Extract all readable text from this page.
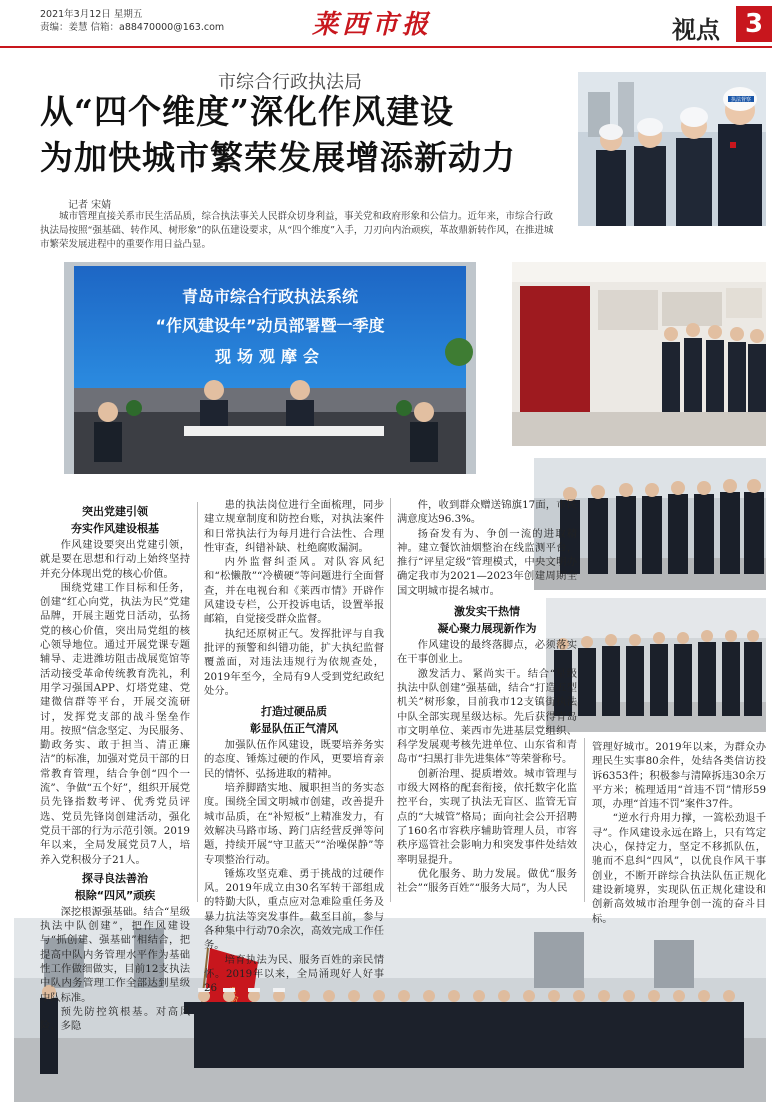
2021年3月12日 星期五
责编：姜慧 信箱：a88470000@163.com	莱西市报	视点 3
市综合行政执法局
从“四个维度”深化作风建设
为加快城市繁荣发展增添新动力
记者 宋婧
城市管理直接关系市民生活品质，综合执法事关人民群众切身利益，事关党和政府形象和公信力。近年来，市综合行政执法局按照“强基础、转作风、树形象”的队伍建设要求，从“四个维度”入手，刀刃向内治顽疾，革故鼎新转作风，在推进城市繁荣发展进程中的重要作用日益凸显。
执法督察
青岛市综合行政执法系统
“作风建设年”动员部署暨一季度
现场观摩会
突出党建引领
夯实作风建设根基

作风建设要突出党建引领，就是要在思想和行动上始终坚持并充分体现出党的核心价值。

围绕党建工作目标和任务，创建“红心向党，执法为民”党建品牌，开展主题党日活动，弘扬党的核心价值，突出局党组的核心领导地位。通过开展党课专题辅导、走进潍坊阻击战展览馆等活动接受革命传统教育洗礼，利用学习强国APP、灯塔党建、党建微信群等平台，开展交流研讨，发挥党支部的战斗堡垒作用。按照“信念坚定、为民服务、勤政务实、敢于担当、清正廉洁”的标准，加强对党员干部的日常教育管理，结合争创“四个一流”、争做“五个好”，组织开展党员先锋指数考评、优秀党员评选、党员先锋岗创建活动，强化党员干部的行为示范引领。2019年以来，全局发展党员7人，培养入党积极分子21人。

探寻良法善治
根除“四风”顽疾

深挖根源强基础。结合“星级执法中队创建”，把作风建设与“抓创建、强基础”相结合，把提高中队内务管理水平作为基础性工作做细做实，目前12支执法中队内务管理工作全部达到星级中队标准。

预先防控筑根基。对高风险、多隐

患的执法岗位进行全面梳理，同步建立规章制度和防控台账，对执法案件和日常执法行为每月进行合法性、合理性审查，纠错补缺、杜绝腐败漏洞。

内外监督纠歪风。对队容风纪和“松懒散”“冷横硬”等问题进行全面督查，并在电视台和《莱西市情》开辟作风建设专栏，公开投诉电话，设置举报邮箱，自觉接受群众监督。

执纪还原树正气。发挥批评与自我批评的预警和纠错功能，扩大执纪监督覆盖面，对违法违规行为依规查处，2019年至今，全局有9人受到党纪政纪处分。

打造过硬品质
彰显队伍正气清风

加强队伍作风建设，既要培养务实的态度、锤炼过硬的作风，更要培育亲民的情怀、弘扬进取的精神。

培养脚踏实地、履职担当的务实态度。围绕全国文明城市创建，改善提升城市品质，在“补短板”上精准发力，有效解决马路市场、跨门店经营反弹等问题，持续开展“守卫蓝天”“治噪保静”等专项整治行动。

锤炼攻坚克难、勇于挑战的过硬作风。2019年成立由30名军转干部组成的特勤大队，重点应对急难险重任务及暴力抗法等突发事件。截至目前，参与各种集中行动70余次，高效完成工作任务。

培育执法为民、服务百姓的亲民情怀。2019年以来，全局涌现好人好事26

件，收到群众赠送锦旗17面，市民满意度达96.3%。

扬奋发有为、争创一流的进取精神。建立餐饮油烟整治在线监测平台，推行“评星定级”管理模式，中央文明办确定我市为2021—2023年创建周期全国文明城市提名城市。

激发实干热情
凝心聚力展现新作为

作风建设的最终落脚点，必须落实在干事创业上。

激发活力、紧尚实干。结合“星级执法中队创建”强基础，结合“打造五型机关”树形象，目前我市12支镇街执法中队全部实现星级达标。先后获得青岛市文明单位、莱西市先进基层党组织、科学发展观考核先进单位、山东省和青岛市“扫黑打非先进集体”等荣誉称号。

创新治理、提质增效。城市管理与市级大网格的配套衔接，依托数字化监控平台，实现了执法无盲区、监管无盲点的“大城管”格局；面向社会公开招聘了160名市容秩序辅助管理人员，市容秩序巡管社会影响力和突发事件处结效率明显提升。

优化服务、助力发展。做优“服务社会”“服务百姓”“服务大局”，为人民

管理好城市。2019年以来，为群众办理民生实事80余件，处结各类信访投诉6353件；积极参与清障拆违30余万平方米；梳理适用“首违不罚”情形59项，办理“首违不罚”案件37件。

“逆水行舟用力撑，一篙松劲退千寻”。作风建设永远在路上，只有笃定决心，保持定力，坚定不移抓队伍，驰而不息纠“四风”，以优良作风干事创业，不断开辟综合执法队伍正规化建设新境界，实现队伍正规化建设和创新高效城市治理争创一流的奋斗目标。
